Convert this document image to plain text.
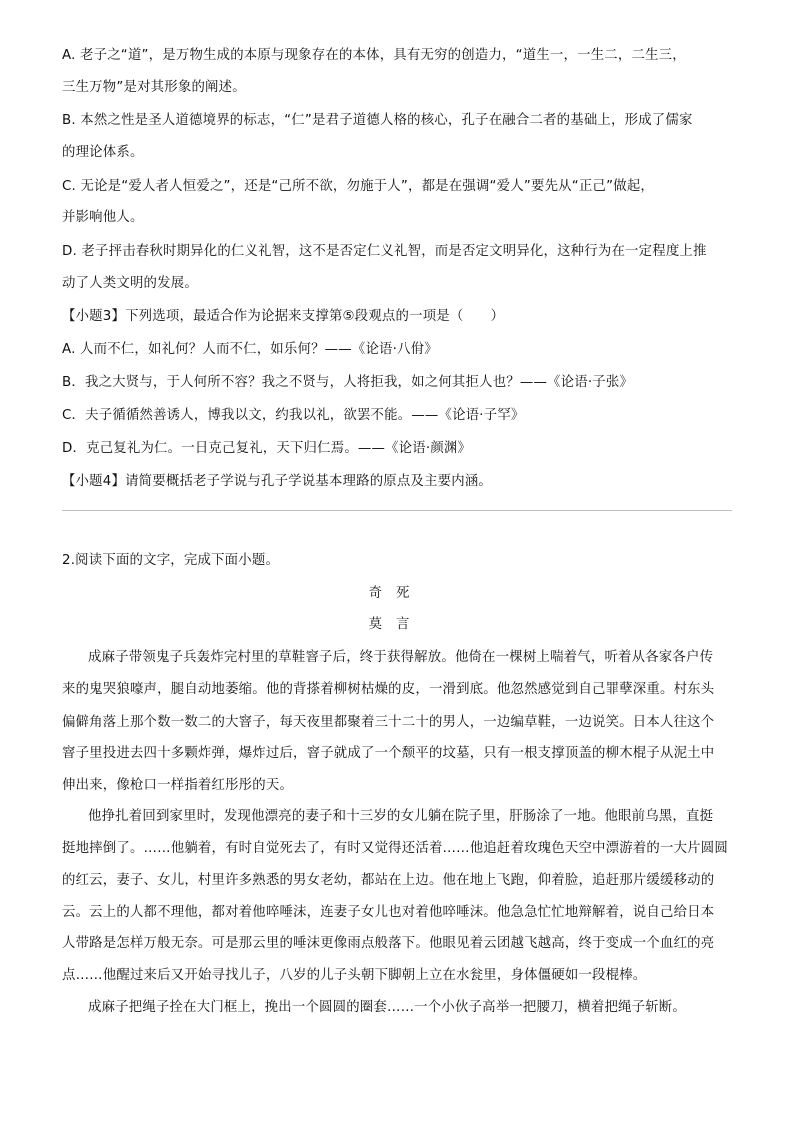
A. 老子之“道”，是万物生成的本原与现象存在的本体，具有无穷的创造力，“道生一，一生二，二生三，
三生万物”是对其形象的阐述。
B. 本然之性是圣人道德境界的标志，“仁”是君子道德人格的核心，孔子在融合二者的基础上，形成了儒家
的理论体系。
C. 无论是“爱人者人恒爱之”，还是“己所不欲，勿施于人”，都是在强调“爱人”要先从“正己”做起，
并影响他人。
D. 老子抨击春秋时期异化的仁义礼智，这不是否定仁义礼智，而是否定文明异化，这种行为在一定程度上推
动了人类文明的发展。
【小题3】下列选项，最适合作为论据来支撑第⑤段观点的一项是（　　）
A. 人而不仁，如礼何？人而不仁，如乐何？——《论语·八佾》
B．我之大贤与，于人何所不容？我之不贤与，人将拒我，如之何其拒人也？——《论语·子张》
C．夫子循循然善诱人，博我以文，约我以礼，欲罢不能。——《论语·子罕》
D．克己复礼为仁。一日克己复礼，天下归仁焉。——《论语·颜渊》
【小题4】请简要概括老子学说与孔子学说基本理路的原点及主要内涵。
2.阅读下面的文字，完成下面小题。
奇死
莫言
成麻子带领鬼子兵轰炸完村里的草鞋窨子后，终于获得解放。他倚在一棵树上喘着气，听着从各家各户传
来的鬼哭狼嚎声，腿自动地萎缩。他的背搽着柳树枯燥的皮，一滑到底。他忽然感觉到自己罪孽深重。村东头
偏僻角落上那个数一数二的大窨子，每天夜里都聚着三十二十的男人，一边编草鞋，一边说笑。日本人往这个
窨子里投进去四十多颗炸弹，爆炸过后，窨子就成了一个颓平的坟墓，只有一根支撑顶盖的柳木棍子从泥土中
伸出来，像枪口一样指着红彤彤的天。
他挣扎着回到家里时，发现他漂亮的妻子和十三岁的女儿躺在院子里，肝肠涂了一地。他眼前乌黑，直挺
挺地摔倒了。……他躺着，有时自觉死去了，有时又觉得还活着……他追赶着玫瑰色天空中漂游着的一大片圆圆
的红云，妻子、女儿，村里许多熟悉的男女老幼，都站在上边。他在地上飞跑，仰着脸，追赶那片缓缓移动的
云。云上的人都不理他，都对着他啐唾沫，连妻子女儿也对着他啐唾沫。他急急忙忙地辩解着，说自己给日本
人带路是怎样万般无奈。可是那云里的唾沫更像雨点般落下。他眼见着云团越飞越高，终于变成一个血红的亮
点……他醒过来后又开始寻找儿子，八岁的儿子头朝下脚朝上立在水瓮里，身体僵硬如一段棍棒。
成麻子把绳子拴在大门框上，挽出一个圆圆的圈套……一个小伙子高举一把腰刀，横着把绳子斩断。
